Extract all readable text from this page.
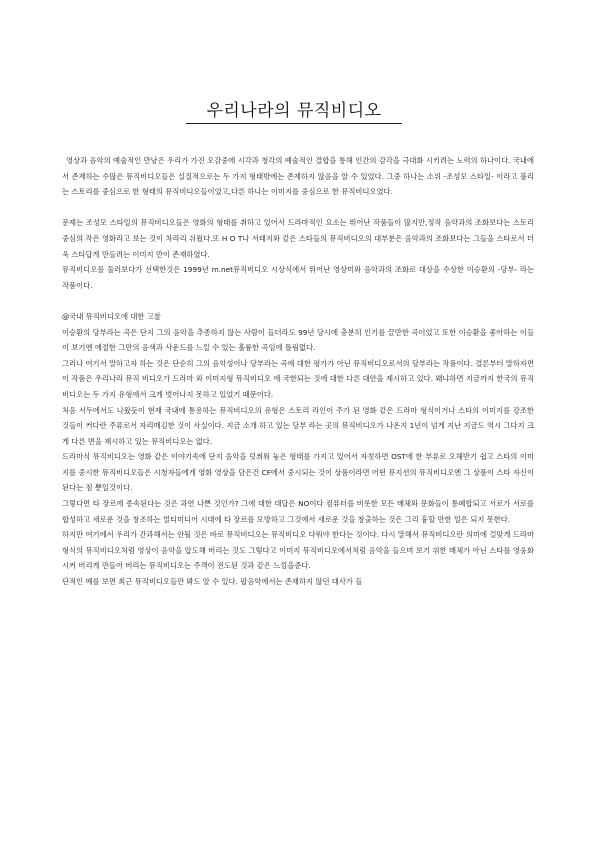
우리나라의 뮤직비디오

영상과 음악의 예술적인 만남은 우리가 가진 오감중에 시각과 청각의 예술적인 결합을 통해 인간의 감각을 극대화 시키려는 노력의 하나이다. 국내에서 존재하는 수많은 뮤직비디오들은 실질적으로는 두 가지 형태밖에는 존재하지 않음을 알 수 있었다. 그중 하나는 소위 -조성모 스타일- 이라고 불리는 스토리를 중심으로 한 형태의 뮤직비디오들이었고,다른 하나는 이미지를 중심으로 한 뮤직비디오였다.

문제는 조성모 스타일의 뮤직비디오들은 영화의 형태를 취하고 있어서 드라마적인 요소는 뛰어난 작품들이 많지만,정작 음악과의 조화보다는 스토리 중심의 작은 영화라고 보는 것이 차라리 쉬웠다.또 H O T나 서태지와 같은 스타들의 뮤직비디오의 대부분은 음악과의 조화보다는 그들을 스타로서 더욱 스타답게 만들려는 이미지 만이 존재하였다.

뮤직비디오를 둘러보다가 선택한것은 1999년 m.net뮤직비디오 시상식에서 뛰어난 영상미와 음악과의 조화로 대상을 수상한 이승환의 -당부- 라는 작품이다.

@국내 뮤직비디오에 대한 고찰

이승환의 당부라는 곡은 단지 그의 음악을 추종하지 않는 사람이 들더라도 99년 당시에 충분히 인기를 끌만한 곡이었고 또한 이승환을 좋아하는 이들이 보기엔 애절한 그만의 음색과 사운드를 느낄 수 있는 훌륭한 곡임에 틀림없다.

그러나 여기서 말하고자 하는 것은 단순히 그의 음악성이나 당부라는 곡에 대한 평가가 아닌 뮤직비디오로서의 당부라는 작품이다. 결론부터 말하자면 이 작품은 우리나라 뮤직 비디오가 드라마 와 이미지형 뮤직비디오 에 국한되는 것에 대한 다른 대안을 제시하고 있다. 왜냐하면 지금까지 한국의 뮤직비디오는 두 가지 유형에서 크게 벗어나지 못하고 있었기 때문이다.

처음 서두에서도 나왔듯이 현재 국내에 통용하는 뮤직비디오의 유형은 스토리 라인이 주가 된 영화 같은 드라마 형식이거나 스타의 이미지를 강조한 것들이 커다란 주류로서 자리매김한 것이 사실이다. 지금 소개 하고 있는 당부 라는 곳의 뮤직비디오가 나온지 1년이 넘게 지난 지금도 역시 그다지 크게 다른 면을 제시하고 있는 뮤직비디오는 없다.

드라마식 뮤직비디오는 영화 같은 이야기속에 단지 음악을 덧씌워 놓은 형태를 가지고 있어서 자칫하면 OST에 한 부류로 오해받기 쉽고 스타의 이미지를 중시한 뮤직비디오들은 시청자들에게 영화 영상을 담은건 CF에서 중시되는 것이 상품이라면 어떤 뮤지션의 뮤직비디오엔 그 상품이 스타 자신이 된다는 점 뿐일것이다.

그렇다면 타 장르에 종속된다는 것은 과연 나쁜 것인가? 그에 대한 대답은 NO이다 컴퓨터를 비롯한 모든 매체와 문화들이 통폐합되고 서로가 서로를 합성하고 새로운 것을 창조하는 멀티미디어 시대에 타 장르를 모방하고 그것에서 새로운 것을 창출하는 것은 그리 흉할 만한 일은 되지 못한다.

하지만 여기에서 우리가 간과해서는 안될 것은 바로 뮤직비디오는 뮤직비디오 다워야 한다는 것이다. 다시 말해서 뮤직비디오란 의미에 걸맞게 드라마형식의 뮤직비디오처럼 영상이 음악을 압도해 버리는 것도 그렇다고 이미지 뮤직비디오에서처럼 음악을 들으며 보기 위한 매체가 아닌 스타를 영웅화 시켜 버리게 만들어 버리는 뮤직비디오는 주객이 전도된 것과 같은 느낌을준다.

단적인 예를 보면 최근 뮤직비디오들만 봐도 알 수 있다. 팝음악에서는 존재하지 않던 대사가 들
